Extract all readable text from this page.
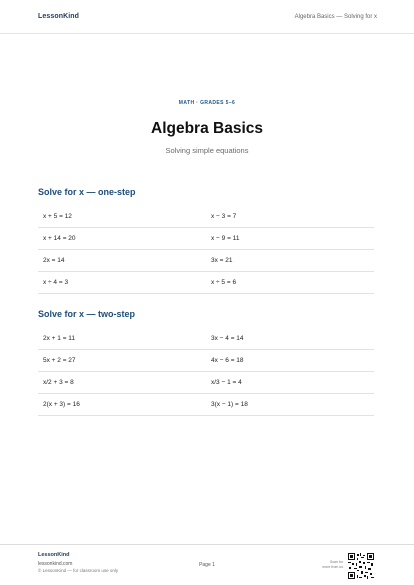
LessonKind	Algebra Basics — Solving for x
MATH · GRADES 5–6
Algebra Basics
Solving simple equations
Solve for x — one-step
x + 5 = 12	x − 3 = 7
x + 14 = 20	x − 9 = 11
2x = 14	3x = 21
x ÷ 4 = 3	x ÷ 5 = 6
Solve for x — two-step
2x + 1 = 11	3x − 4 = 14
5x + 2 = 27	4x − 6 = 18
x/2 + 3 = 8	x/3 − 1 = 4
2(x + 3) = 16	3(x − 1) = 18
LessonKind
lessonkind.com
© LessonKind — for classroom use only
Page 1	Scan for
more from us
